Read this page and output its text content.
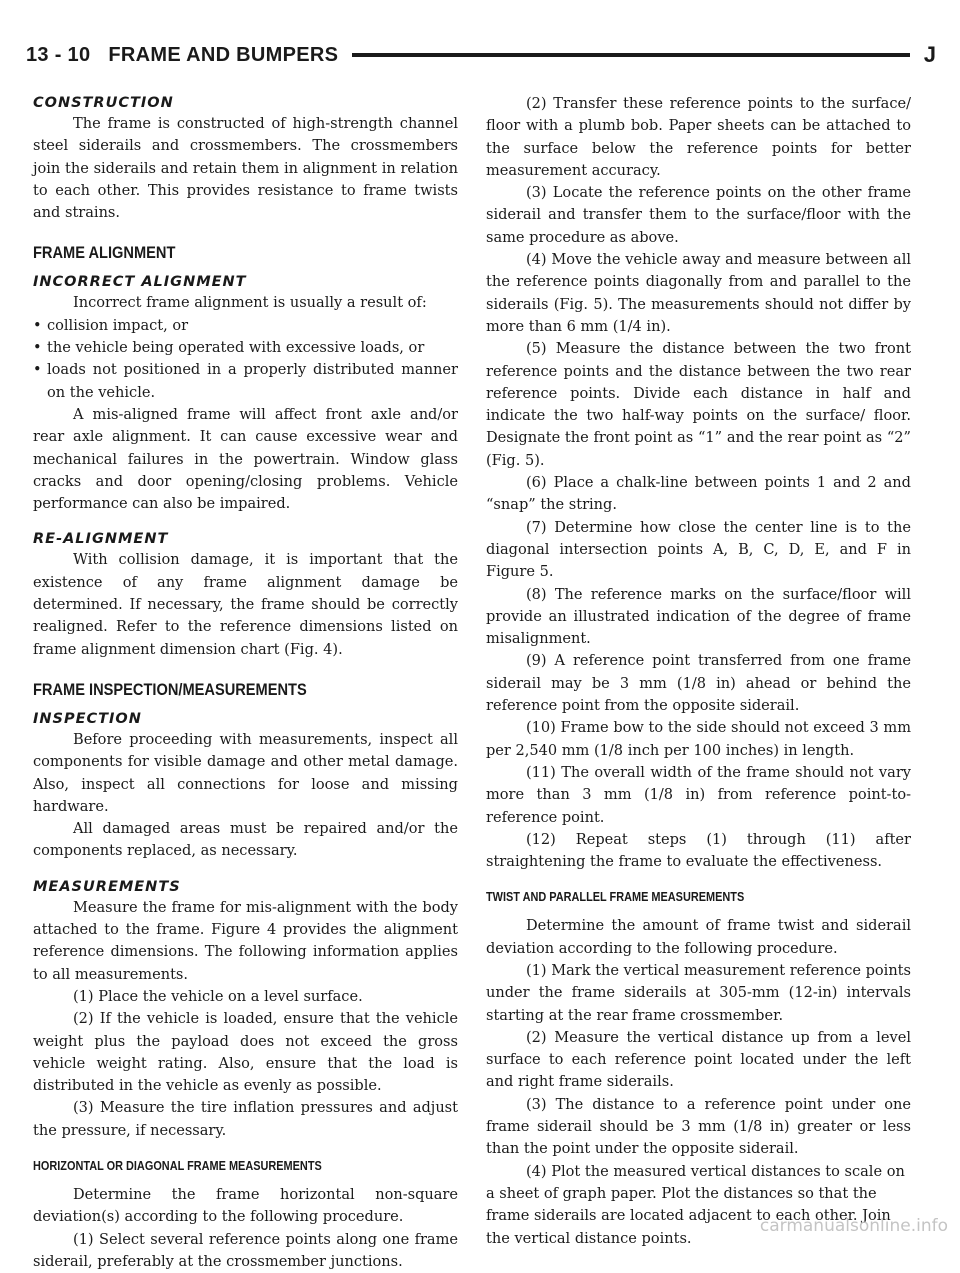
13 - 10 FRAME AND BUMPERS	J

CONSTRUCTION

The frame is constructed of high-strength channel steel siderails and crossmembers. The crossmembers join the siderails and retain them in alignment in relation to each other. This provides resistance to frame twists and strains.

FRAME ALIGNMENT

INCORRECT ALIGNMENT

Incorrect frame alignment is usually a result of:

• collision impact, or
• the vehicle being operated with excessive loads, or
• loads not positioned in a properly distributed manner on the vehicle.

A mis-aligned frame will affect front axle and/or rear axle alignment. It can cause excessive wear and mechanical failures in the powertrain. Window glass cracks and door opening/closing problems. Vehicle performance can also be impaired.

RE-ALIGNMENT

With collision damage, it is important that the existence of any frame alignment damage be determined. If necessary, the frame should be correctly realigned. Refer to the reference dimensions listed on frame alignment dimension chart (Fig. 4).

FRAME INSPECTION/MEASUREMENTS

INSPECTION

Before proceeding with measurements, inspect all components for visible damage and other metal damage. Also, inspect all connections for loose and missing hardware.

All damaged areas must be repaired and/or the components replaced, as necessary.

MEASUREMENTS

Measure the frame for mis-alignment with the body attached to the frame. Figure 4 provides the alignment reference dimensions. The following information applies to all measurements.

(1) Place the vehicle on a level surface.

(2) If the vehicle is loaded, ensure that the vehicle weight plus the payload does not exceed the gross vehicle weight rating. Also, ensure that the load is distributed in the vehicle as evenly as possible.

(3) Measure the tire inflation pressures and adjust the pressure, if necessary.

HORIZONTAL OR DIAGONAL FRAME MEASUREMENTS

Determine the frame horizontal non-square deviation(s) according to the following procedure.

(1) Select several reference points along one frame siderail, preferably at the crossmember junctions.

(2) Transfer these reference points to the surface/ floor with a plumb bob. Paper sheets can be attached to the surface below the reference points for better measurement accuracy.

(3) Locate the reference points on the other frame siderail and transfer them to the surface/floor with the same procedure as above.

(4) Move the vehicle away and measure between all the reference points diagonally from and parallel to the siderails (Fig. 5). The measurements should not differ by more than 6 mm (1/4 in).

(5) Measure the distance between the two front reference points and the distance between the two rear reference points. Divide each distance in half and indicate the two half-way points on the surface/ floor. Designate the front point as “1” and the rear point as “2” (Fig. 5).

(6) Place a chalk-line between points 1 and 2 and “snap” the string.

(7) Determine how close the center line is to the diagonal intersection points A, B, C, D, E, and F in Figure 5.

(8) The reference marks on the surface/floor will provide an illustrated indication of the degree of frame misalignment.

(9) A reference point transferred from one frame siderail may be 3 mm (1/8 in) ahead or behind the reference point from the opposite siderail.

(10) Frame bow to the side should not exceed 3 mm per 2,540 mm (1/8 inch per 100 inches) in length.

(11) The overall width of the frame should not vary more than 3 mm (1/8 in) from reference point-to-reference point.

(12) Repeat steps (1) through (11) after straightening the frame to evaluate the effectiveness.

TWIST AND PARALLEL FRAME MEASUREMENTS

Determine the amount of frame twist and siderail deviation according to the following procedure.

(1) Mark the vertical measurement reference points under the frame siderails at 305-mm (12-in) intervals starting at the rear frame crossmember.

(2) Measure the vertical distance up from a level surface to each reference point located under the left and right frame siderails.

(3) The distance to a reference point under one frame siderail should be 3 mm (1/8 in) greater or less than the point under the opposite siderail.

(4) Plot the measured vertical distances to scale on a sheet of graph paper. Plot the distances so that the frame siderails are located adjacent to each other. Join the vertical distance points.

carmanualsonline.info
